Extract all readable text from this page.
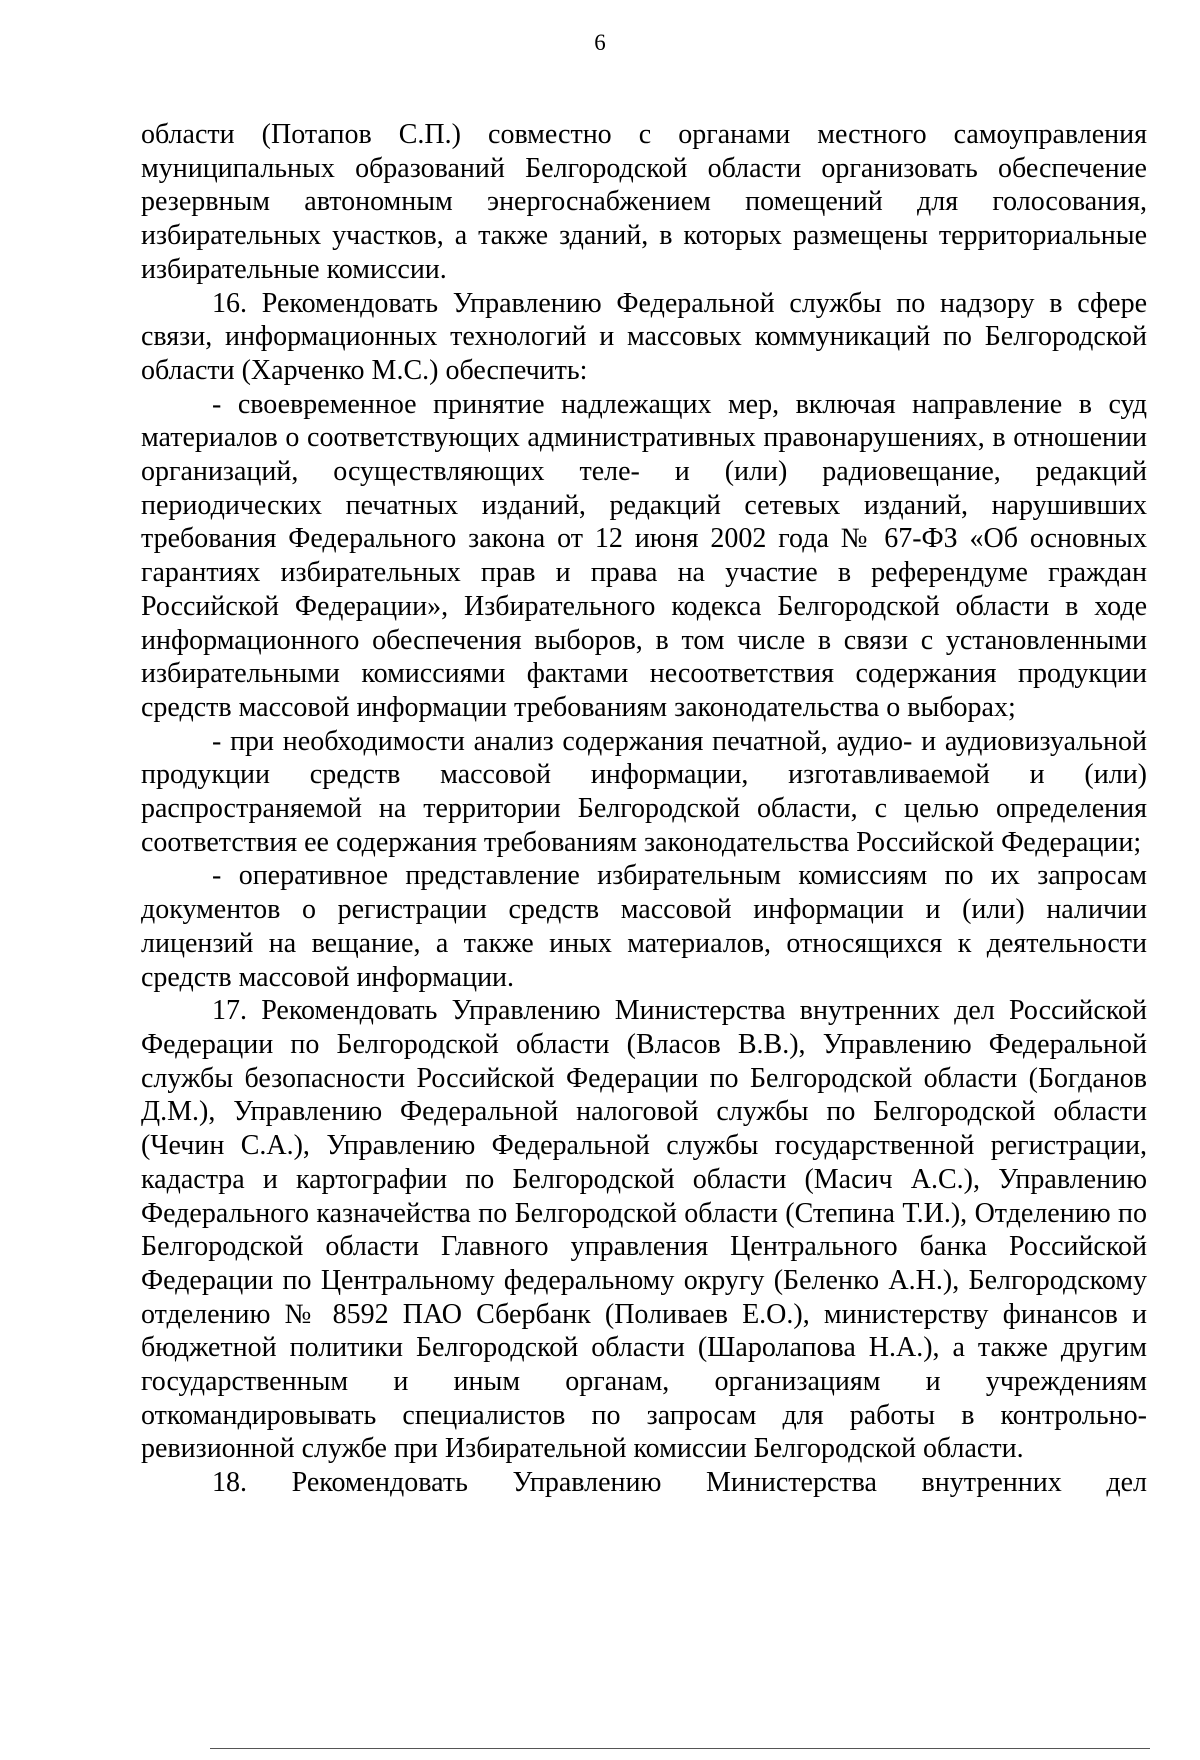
6

области (Потапов С.П.) совместно с органами местного самоуправления муниципальных образований Белгородской области организовать обеспечение резервным автономным энергоснабжением помещений для голосования, избирательных участков, а также зданий, в которых размещены территориальные избирательные комиссии.

16. Рекомендовать Управлению Федеральной службы по надзору в сфере связи, информационных технологий и массовых коммуникаций по Белгородской области (Харченко М.С.) обеспечить:

- своевременное принятие надлежащих мер, включая направление в суд материалов о соответствующих административных правонарушениях, в отношении организаций, осуществляющих теле- и (или) радиовещание, редакций периодических печатных изданий, редакций сетевых изданий, нарушивших требования Федерального закона от 12 июня 2002 года № 67-ФЗ «Об основных гарантиях избирательных прав и права на участие в референдуме граждан Российской Федерации», Избирательного кодекса Белгородской области в ходе информационного обеспечения выборов, в том числе в связи с установленными избирательными комиссиями фактами несоответствия содержания продукции средств массовой информации требованиям законодательства о выборах;

- при необходимости анализ содержания печатной, аудио- и аудиовизуальной продукции средств массовой информации, изготавливаемой и (или) распространяемой на территории Белгородской области, с целью определения соответствия ее содержания требованиям законодательства Российской Федерации;

- оперативное представление избирательным комиссиям по их запросам документов о регистрации средств массовой информации и (или) наличии лицензий на вещание, а также иных материалов, относящихся к деятельности средств массовой информации.

17. Рекомендовать Управлению Министерства внутренних дел Российской Федерации по Белгородской области (Власов В.В.), Управлению Федеральной службы безопасности Российской Федерации по Белгородской области (Богданов Д.М.), Управлению Федеральной налоговой службы по Белгородской области (Чечин С.А.), Управлению Федеральной службы государственной регистрации, кадастра и картографии по Белгородской области (Масич А.С.), Управлению Федерального казначейства по Белгородской области (Степина Т.И.), Отделению по Белгородской области Главного управления Центрального банка Российской Федерации по Центральному федеральному округу (Беленко А.Н.), Белгородскому отделению № 8592 ПАО Сбербанк (Поливаев Е.О.), министерству финансов и бюджетной политики Белгородской области (Шаролапова Н.А.), а также другим государственным и иным органам, организациям и учреждениям откомандировывать специалистов по запросам для работы в контрольно-ревизионной службе при Избирательной комиссии Белгородской области.

18. Рекомендовать Управлению Министерства внутренних дел
